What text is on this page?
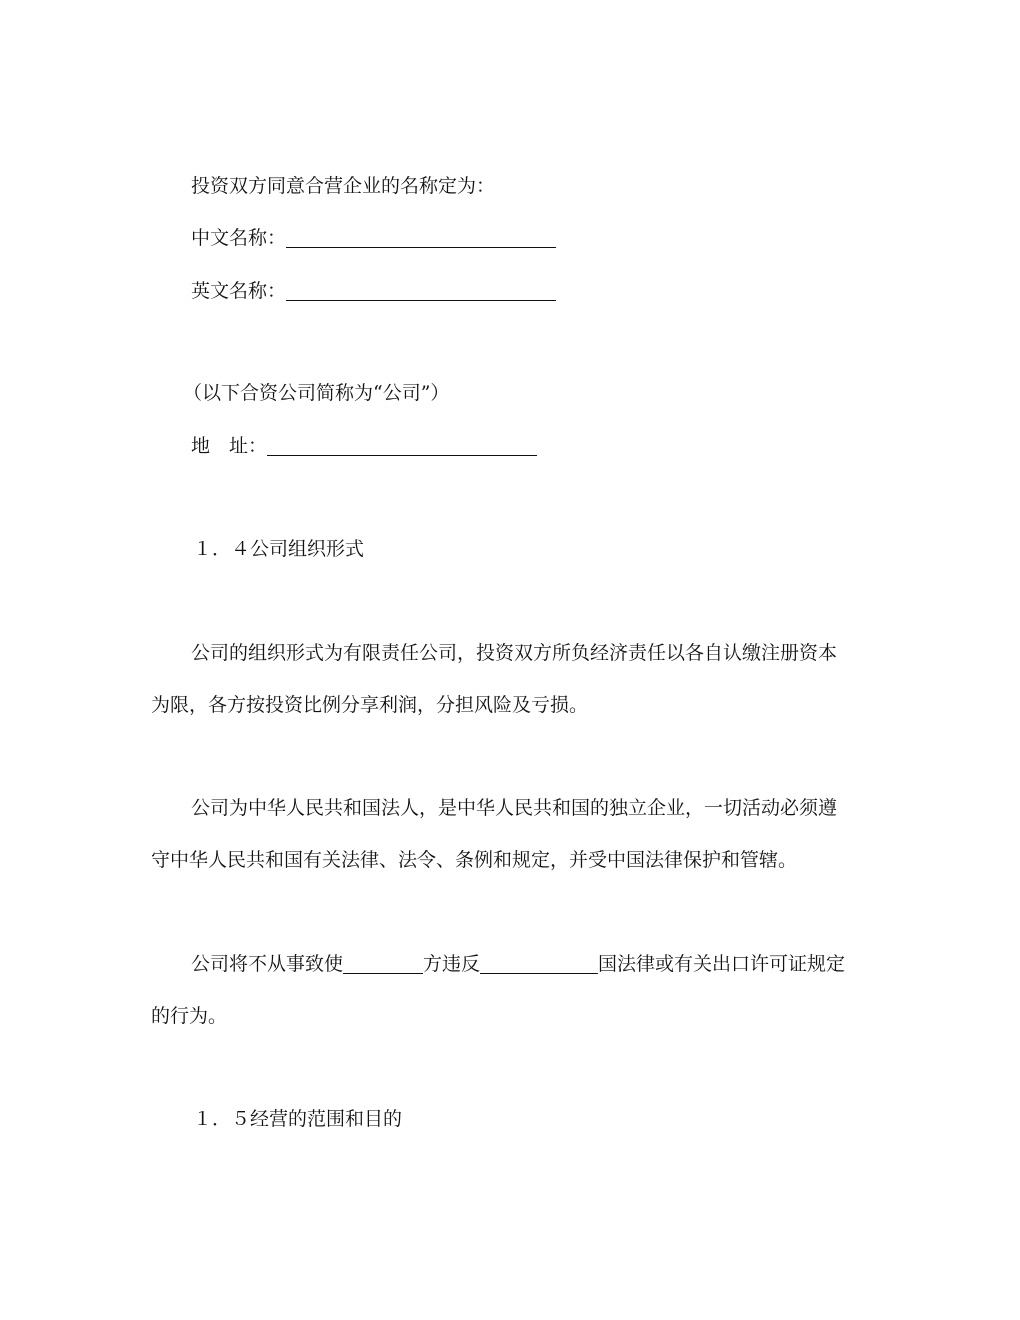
投资双方同意合营企业的名称定为：
中文名称：
英文名称：
（以下合资公司简称为“公司”）
地　址：
１．４公司组织形式
公司的组织形式为有限责任公司，投资双方所负经济责任以各自认缴注册资本
为限，各方按投资比例分享利润，分担风险及亏损。
公司为中华人民共和国法人，是中华人民共和国的独立企业，一切活动必须遵
守中华人民共和国有关法律、法令、条例和规定，并受中国法律保护和管辖。
公司将不从事致使	方违反	国法律或有关出口许可证规定
的行为。
１．５经营的范围和目的
